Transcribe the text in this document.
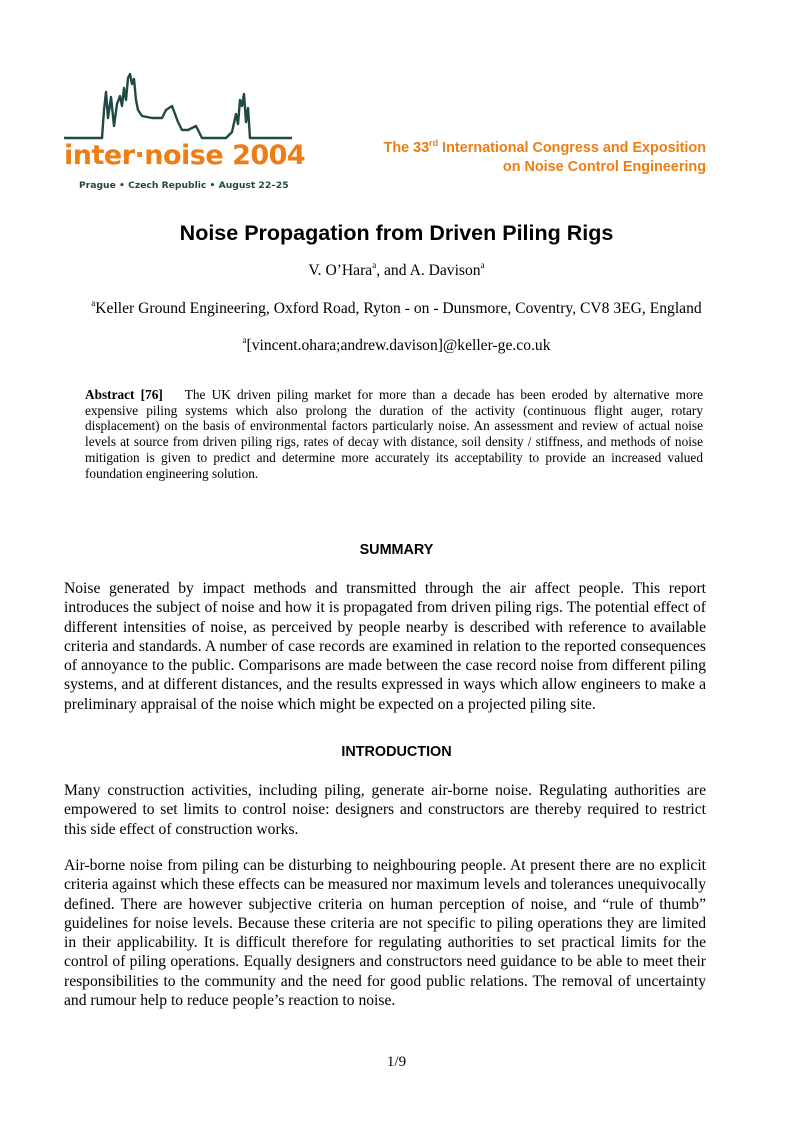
inter·noise 2004
Prague • Czech Republic • August 22–25
The 33rd International Congress and Exposition
on Noise Control Engineering
Noise Propagation from Driven Piling Rigs
V. O’Hara$^a$, and A. Davison$^a$
$^a$Keller Ground Engineering, Oxford Road, Ryton - on - Dunsmore, Coventry, CV8 3EG, England
$^a$[vincent.ohara;andrew.davison]@keller-ge.co.uk
Abstract [76] The UK driven piling market for more than a decade has been eroded by alternative more expensive piling systems which also prolong the duration of the activity (continuous flight auger, rotary displacement) on the basis of environmental factors particularly noise. An assessment and review of actual noise levels at source from driven piling rigs, rates of decay with distance, soil density / stiffness, and methods of noise mitigation is given to predict and determine more accurately its acceptability to provide an increased valued foundation engineering solution.
SUMMARY

Noise generated by impact methods and transmitted through the air affect people. This report introduces the subject of noise and how it is propagated from driven piling rigs. The potential effect of different intensities of noise, as perceived by people nearby is described with reference to available criteria and standards. A number of case records are examined in relation to the reported consequences of annoyance to the public. Comparisons are made between the case record noise from different piling systems, and at different distances, and the results expressed in ways which allow engineers to make a preliminary appraisal of the noise which might be expected on a projected piling site.

INTRODUCTION

Many construction activities, including piling, generate air-borne noise. Regulating authorities are empowered to set limits to control noise: designers and constructors are thereby required to restrict this side effect of construction works.

Air-borne noise from piling can be disturbing to neighbouring people. At present there are no explicit criteria against which these effects can be measured nor maximum levels and tolerances unequivocally defined. There are however subjective criteria on human perception of noise, and “rule of thumb” guidelines for noise levels. Because these criteria are not specific to piling operations they are limited in their applicability. It is difficult therefore for regulating authorities to set practical limits for the control of piling operations. Equally designers and constructors need guidance to be able to meet their responsibilities to the community and the need for good public relations. The removal of uncertainty and rumour help to reduce people’s reaction to noise.

1/9
